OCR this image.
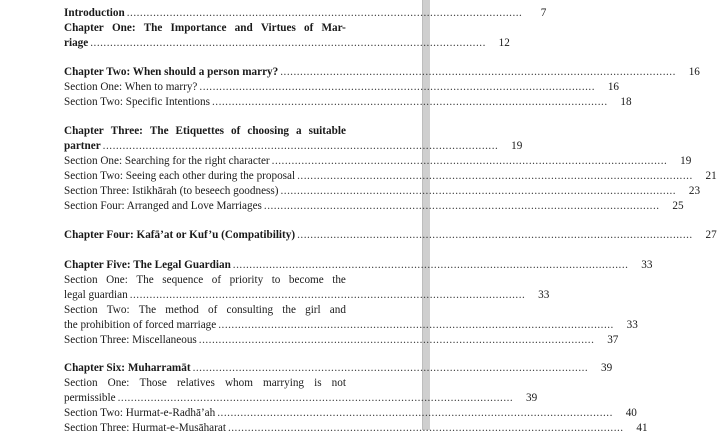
Introduction ........................................................................................................................	7
Chapter One: The Importance and Virtues of Mar-
riage ........................................................................................................................	12
Chapter Two: When should a person marry? ........................................................................................................................	16
Section One: When to marry? ........................................................................................................................	16
Section Two: Specific Intentions ........................................................................................................................	18
Chapter Three: The Etiquettes of choosing a suitable
partner ........................................................................................................................	19
Section One: Searching for the right character ........................................................................................................................	19
Section Two: Seeing each other during the proposal ........................................................................................................................	21
Section Three: Istikhārah (to beseech goodness) ........................................................................................................................	23
Section Four: Arranged and Love Marriages ........................................................................................................................	25
Chapter Four: Kafā’at or Kuf’u (Compatibility) ........................................................................................................................	27
Chapter Five: The Legal Guardian ........................................................................................................................	33
Section One: The sequence of priority to become the
legal guardian ........................................................................................................................	33
Section Two: The method of consulting the girl and
the prohibition of forced marriage ........................................................................................................................	33
Section Three: Miscellaneous ........................................................................................................................	37
Chapter Six: Muharramāt ........................................................................................................................	39
Section One: Those relatives whom marrying is not
permissible ........................................................................................................................	39
Section Two: Hurmat-e-Radhā’ah ........................................................................................................................	40
Section Three: Hurmat-e-Musāharat ........................................................................................................................	41
